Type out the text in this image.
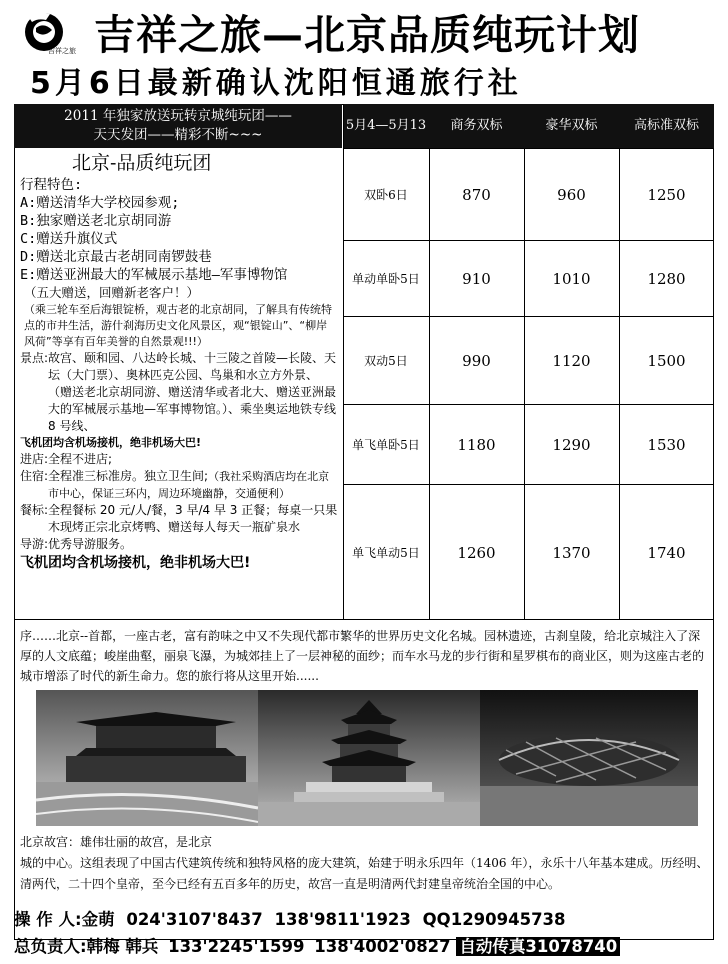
吉祥之旅 吉祥之旅—北京品质纯玩计划
5月6日最新确认沈阳恒通旅行社
2011 年独家放送玩转京城纯玩团——
天天发团——精彩不断~~~
5月4—5月13	商务双标	豪华双标	高标准双标
双卧6日	870	960	1250
单动单卧5日	910	1010	1280
双动5日	990	1120	1500
单飞单卧5日	1180	1290	1530
单飞单动5日	1260	1370	1740
北京-品质纯玩团
行程特色:
A:赠送清华大学校园参观;
B:独家赠送老北京胡同游
C:赠送升旗仪式
D:赠送北京最古老胡同南锣鼓巷
E:赠送亚洲最大的军械展示基地—军事博物馆
（五大赠送，回赠新老客户！）
（乘三轮车至后海银锭桥，观古老的北京胡同，了解具有传统特点的市井生活，游什刹海历史文化风景区，观“银锭山”、“柳岸风荷”等享有百年美誉的自然景观!!!）
景点: 故宫、颐和园、八达岭长城、十三陵之首陵—长陵、天坛（大门票）、奥林匹克公园、鸟巢和水立方外景、　（赠送老北京胡同游、赠送清华或者北大、赠送亚洲最大的军械展示基地—军事博物馆。）、乘坐奥运地铁专线 8 号线、
飞机团均含机场接机，绝非机场大巴!
进店:全程不进店;
住宿: 全程准三标准房。独立卫生间;（我社采购酒店均在北京市中心，保证三环内，周边环境幽静，交通便利）
餐标: 全程餐标 20 元/人/餐，3 早/4 早 3 正餐；每桌一只果木现烤正宗北京烤鸭、赠送每人每天一瓶矿泉水
导游:优秀导游服务。
飞机团均含机场接机，绝非机场大巴!
序……北京--首都，一座古老，富有韵味之中又不失现代都市繁华的世界历史文化名城。园林遗迹，古刹皇陵，给北京城注入了深厚的人文底蕴；峻崖曲壑，丽泉飞瀑，为城郊挂上了一层神秘的面纱；而车水马龙的步行街和星罗棋布的商业区，则为这座古老的城市增添了时代的新生命力。您的旅行将从这里开始......
北京故宫：雄伟壮丽的故宫，是北京
城的中心。这组表现了中国古代建筑传统和独特风格的庞大建筑，始建于明永乐四年（1406 年），永乐十八年基本建成。历经明、清两代，二十四个皇帝，至今已经有五百多年的历史，故宫一直是明清两代封建皇帝统治全国的中心。
操 作 人:金萌 024'3107'8437 138'9811'1923 QQ1290945738
总负责人:韩梅 韩兵 133'2245'1599 138'4002'0827 自动传真31078740
